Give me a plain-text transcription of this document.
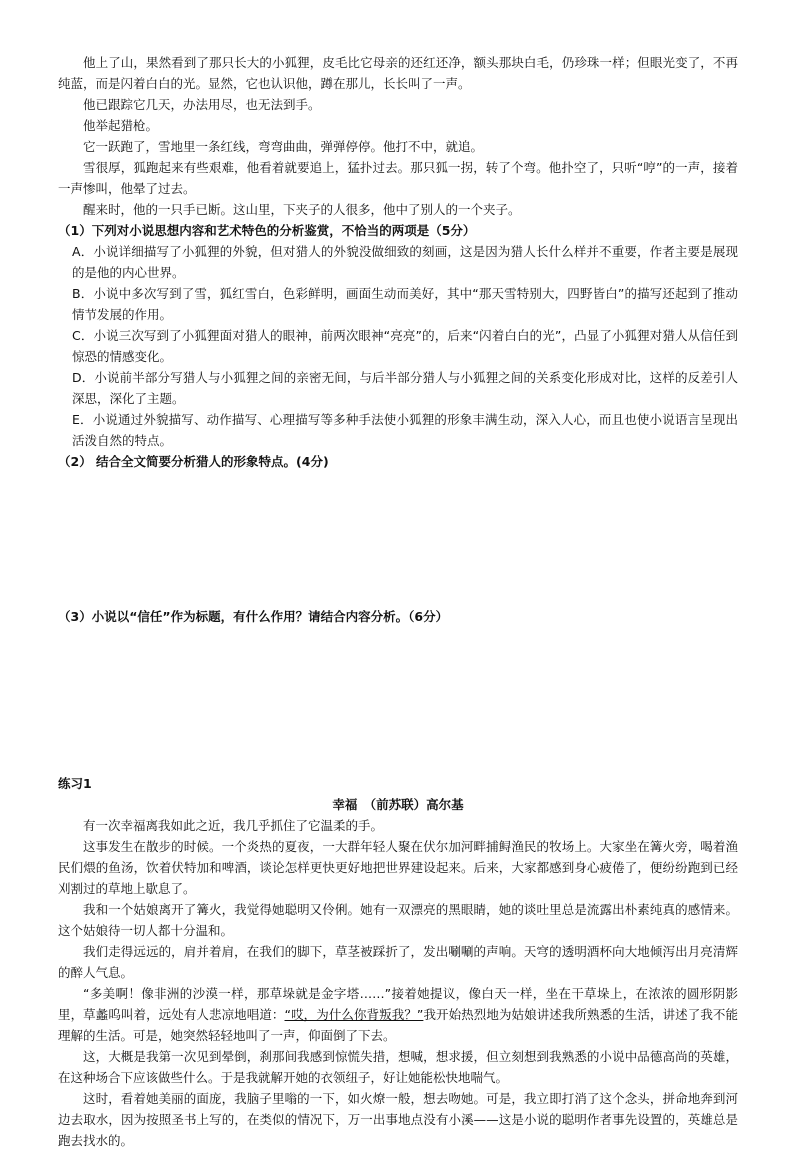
他上了山，果然看到了那只长大的小狐狸，皮毛比它母亲的还红还净，额头那块白毛，仍珍珠一样；但眼光变了，不再纯蓝，而是闪着白白的光。显然，它也认识他，蹲在那儿，长长叫了一声。

他已跟踪它几天，办法用尽，也无法到手。

他举起猎枪。

它一跃跑了，雪地里一条红线，弯弯曲曲，弹弹停停。他打不中，就追。

雪很厚，狐跑起来有些艰难，他看着就要追上，猛扑过去。那只狐一拐，转了个弯。他扑空了，只听“哼”的一声，接着一声惨叫，他晕了过去。

醒来时，他的一只手已断。这山里，下夹子的人很多，他中了别人的一个夹子。

（1）下列对小说思想内容和艺术特色的分析鉴赏，不恰当的两项是（5分）

A．小说详细描写了小狐狸的外貌，但对猎人的外貌没做细致的刻画，这是因为猎人长什么样并不重要，作者主要是展现的是他的内心世界。

B．小说中多次写到了雪，狐红雪白，色彩鲜明，画面生动而美好，其中“那天雪特别大，四野皆白”的描写还起到了推动情节发展的作用。

C．小说三次写到了小狐狸面对猎人的眼神，前两次眼神“亮亮”的，后来“闪着白白的光”，凸显了小狐狸对猎人从信任到惊恐的情感变化。

D．小说前半部分写猎人与小狐狸之间的亲密无间，与后半部分猎人与小狐狸之间的关系变化形成对比，这样的反差引人深思，深化了主题。

E．小说通过外貌描写、动作描写、心理描写等多种手法使小狐狸的形象丰满生动，深入人心，而且也使小说语言呈现出活泼自然的特点。

（2） 结合全文简要分析猎人的形象特点。(4分)

（3）小说以“信任”作为标题，有什么作用？请结合内容分析。（6分）

练习1

幸福　（前苏联）高尔基

有一次幸福离我如此之近，我几乎抓住了它温柔的手。

这事发生在散步的时候。一个炎热的夏夜，一大群年轻人聚在伏尔加河畔捕鲟渔民的牧场上。大家坐在篝火旁，喝着渔民们煨的鱼汤，饮着伏特加和啤酒，谈论怎样更快更好地把世界建设起来。后来，大家都感到身心疲倦了，便纷纷跑到已经刈割过的草地上歇息了。

我和一个姑娘离开了篝火，我觉得她聪明又伶俐。她有一双漂亮的黑眼睛，她的谈吐里总是流露出朴素纯真的感情来。这个姑娘待一切人都十分温和。

我们走得远远的，肩并着肩，在我们的脚下，草茎被踩折了，发出唰唰的声响。天穹的透明酒杯向大地倾泻出月亮清辉的醉人气息。

“多美啊！像非洲的沙漠一样，那草垛就是金字塔……”接着她提议，像白天一样，坐在干草垛上，在浓浓的圆形阴影里，草蠡呜叫着，远处有人悲凉地唱道：“哎，为什么你背叛我？”我开始热烈地为姑娘讲述我所熟悉的生活，讲述了我不能理解的生活。可是，她突然轻轻地叫了一声，仰面倒了下去。

这，大概是我第一次见到晕倒，刹那间我感到惊慌失措，想喊，想求援，但立刻想到我熟悉的小说中品德高尚的英雄，在这种场合下应该做些什么。于是我就解开她的衣领纽子，好让她能松快地喘气。

这时，看着她美丽的面庞，我脑子里嗡的一下，如火燎一般，想去吻她。可是，我立即打消了这个念头，拼命地奔到河边去取水，因为按照圣书上写的，在类似的情况下，万一出事地点没有小溪——这是小说的聪明作者事先设置的，英雄总是跑去找水的。
